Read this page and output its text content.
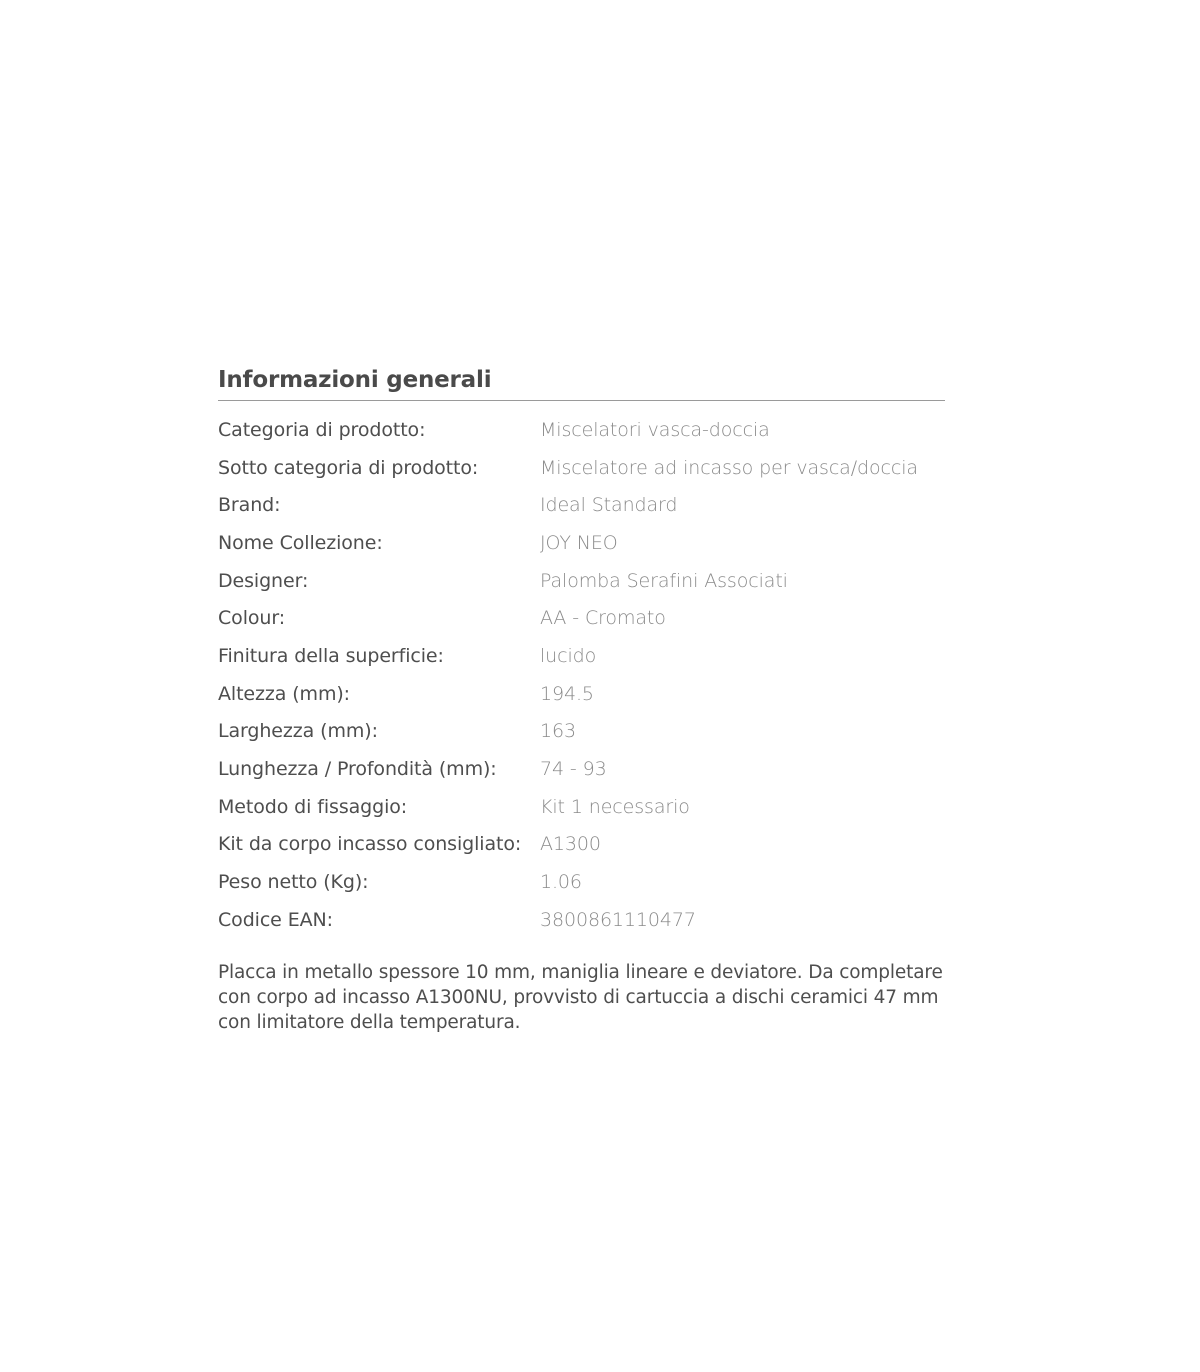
Informazioni generali
Categoria di prodotto:	Miscelatori vasca-doccia
Sotto categoria di prodotto:	Miscelatore ad incasso per vasca/doccia
Brand:	Ideal Standard
Nome Collezione:	JOY NEO
Designer:	Palomba Serafini Associati
Colour:	AA - Cromato
Finitura della superficie:	lucido
Altezza (mm):	194.5
Larghezza (mm):	163
Lunghezza / Profondità (mm):	74 - 93
Metodo di fissaggio:	Kit 1 necessario
Kit da corpo incasso consigliato: A1300
Peso netto (Kg):	1.06
Codice EAN:	3800861110477

Placca in metallo spessore 10 mm, maniglia lineare e deviatore. Da completare con corpo ad incasso A1300NU, provvisto di cartuccia a dischi ceramici 47 mm con limitatore della temperatura.
